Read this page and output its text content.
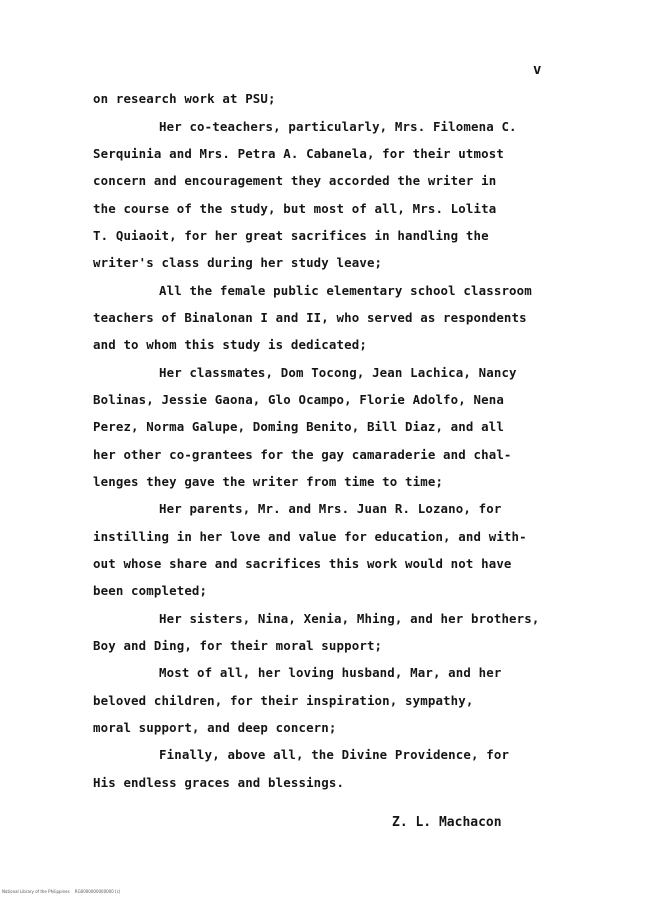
v
on research work at PSU;
Her co-teachers, particularly, Mrs. Filomena C.
Serquinia and Mrs. Petra A. Cabanela, for their utmost
concern and encouragement they accorded the writer in
the course of the study, but most of all, Mrs. Lolita
T. Quiaoit, for her great sacrifices in handling the
writer's class during her study leave;
All the female public elementary school classroom
teachers of Binalonan I and II, who served as respondents
and to whom this study is dedicated;
Her classmates, Dom Tocong, Jean Lachica, Nancy
Bolinas, Jessie Gaona, Glo Ocampo, Florie Adolfo, Nena
Perez, Norma Galupe, Doming Benito, Bill Diaz, and all
her other co-grantees for the gay camaraderie and chal-
lenges they gave the writer from time to time;
Her parents, Mr. and Mrs. Juan R. Lozano, for
instilling in her love and value for education, and with-
out whose share and sacrifices this work would not have
been completed;
Her sisters, Nina, Xenia, Mhing, and her brothers,
Boy and Ding, for their moral support;
Most of all, her loving husband, Mar, and her
beloved children, for their inspiration, sympathy,
moral support, and deep concern;
Finally, above all, the Divine Providence, for
His endless graces and blessings.
Z. L. Machacon
National Library of the Philippines    RG0000000000000 (c)
